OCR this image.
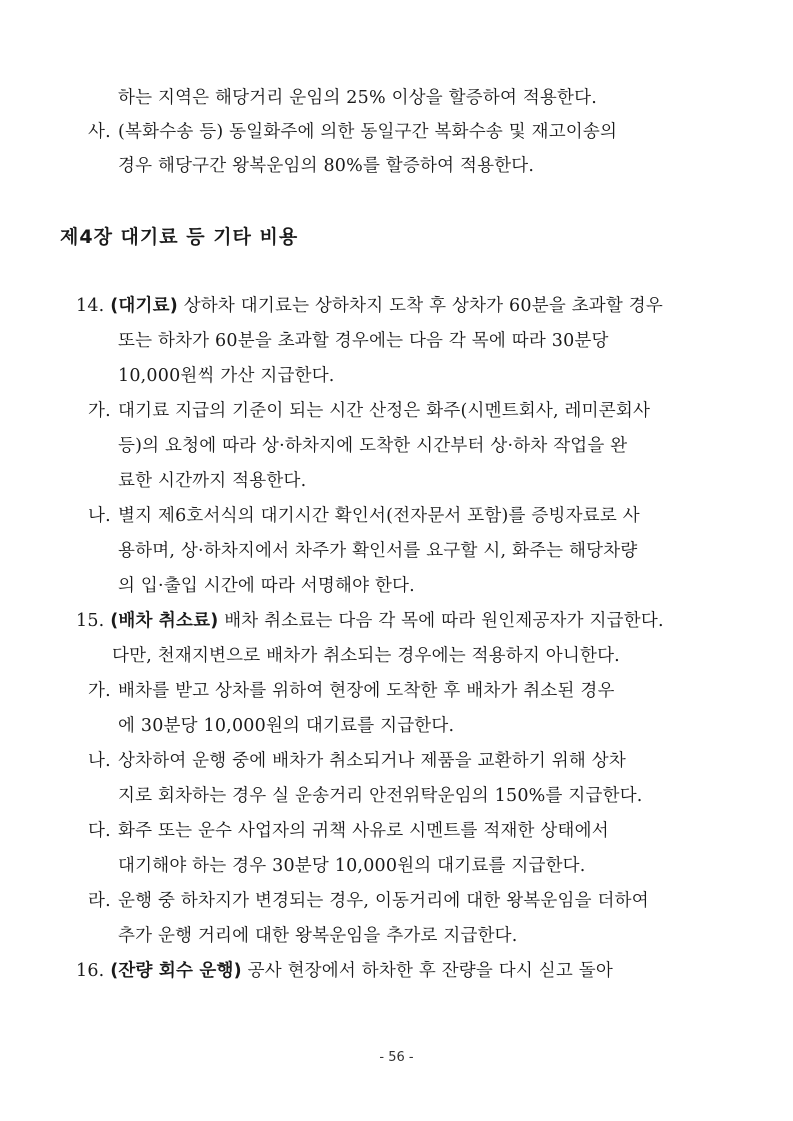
하는 지역은 해당거리 운임의 25% 이상을 할증하여 적용한다.
사. (복화수송 등) 동일화주에 의한 동일구간 복화수송 및 재고이송의
경우 해당구간 왕복운임의 80%를 할증하여 적용한다.
제4장 대기료 등 기타 비용
14. (대기료) 상하차 대기료는 상하차지 도착 후 상차가 60분을 초과할 경우
또는 하차가 60분을 초과할 경우에는 다음 각 목에 따라 30분당
10,000원씩 가산 지급한다.
가. 대기료 지급의 기준이 되는 시간 산정은 화주(시멘트회사, 레미콘회사
등)의 요청에 따라 상·하차지에 도착한 시간부터 상·하차 작업을 완
료한 시간까지 적용한다.
나. 별지 제6호서식의 대기시간 확인서(전자문서 포함)를 증빙자료로 사
용하며, 상·하차지에서 차주가 확인서를 요구할 시, 화주는 해당차량
의 입·출입 시간에 따라 서명해야 한다.
15. (배차 취소료) 배차 취소료는 다음 각 목에 따라 원인제공자가 지급한다.
다만, 천재지변으로 배차가 취소되는 경우에는 적용하지 아니한다.
가. 배차를 받고 상차를 위하여 현장에 도착한 후 배차가 취소된 경우
에 30분당 10,000원의 대기료를 지급한다.
나. 상차하여 운행 중에 배차가 취소되거나 제품을 교환하기 위해 상차
지로 회차하는 경우 실 운송거리 안전위탁운임의 150%를 지급한다.
다. 화주 또는 운수 사업자의 귀책 사유로 시멘트를 적재한 상태에서
대기해야 하는 경우 30분당 10,000원의 대기료를 지급한다.
라. 운행 중 하차지가 변경되는 경우, 이동거리에 대한 왕복운임을 더하여
추가 운행 거리에 대한 왕복운임을 추가로 지급한다.
16. (잔량 회수 운행) 공사 현장에서 하차한 후 잔량을 다시 싣고 돌아
- 56 -
